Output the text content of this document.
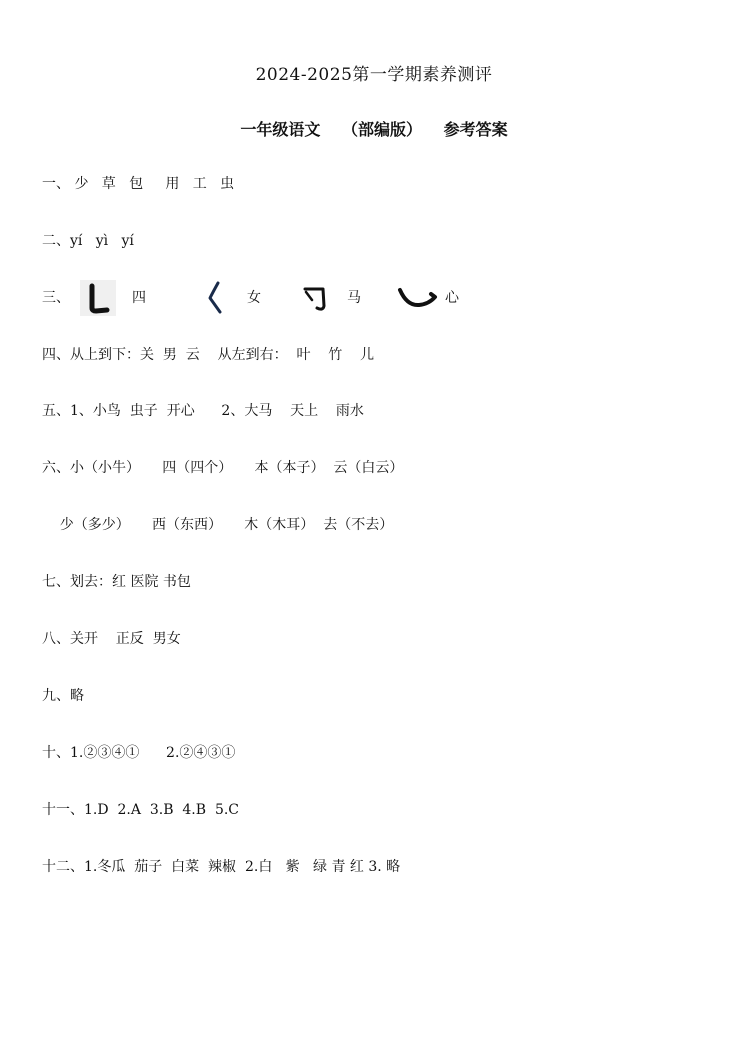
2024-2025第一学期素养测评
一年级语文 （部编版） 参考答案
一、 少   草   包     用   工   虫
二、yí   yì   yí
三、	四	女	马	心
四、从上到下：关  男  云    从左到右：  叶    竹    儿
五、1、小鸟  虫子  开心      2、大马    天上    雨水
六、小（小牛）     四（四个）     本（本子）  云（白云）
少（多少）     西（东西）     木（木耳）  去（不去）
七、划去：红 医院 书包
八、关开    正反  男女
九、略
十、1.②③④①      2.②④③①
十一、1.D  2.A  3.B  4.B  5.C
十二、1.冬瓜  茄子  白菜  辣椒  2.白   紫   绿 青 红 3. 略
